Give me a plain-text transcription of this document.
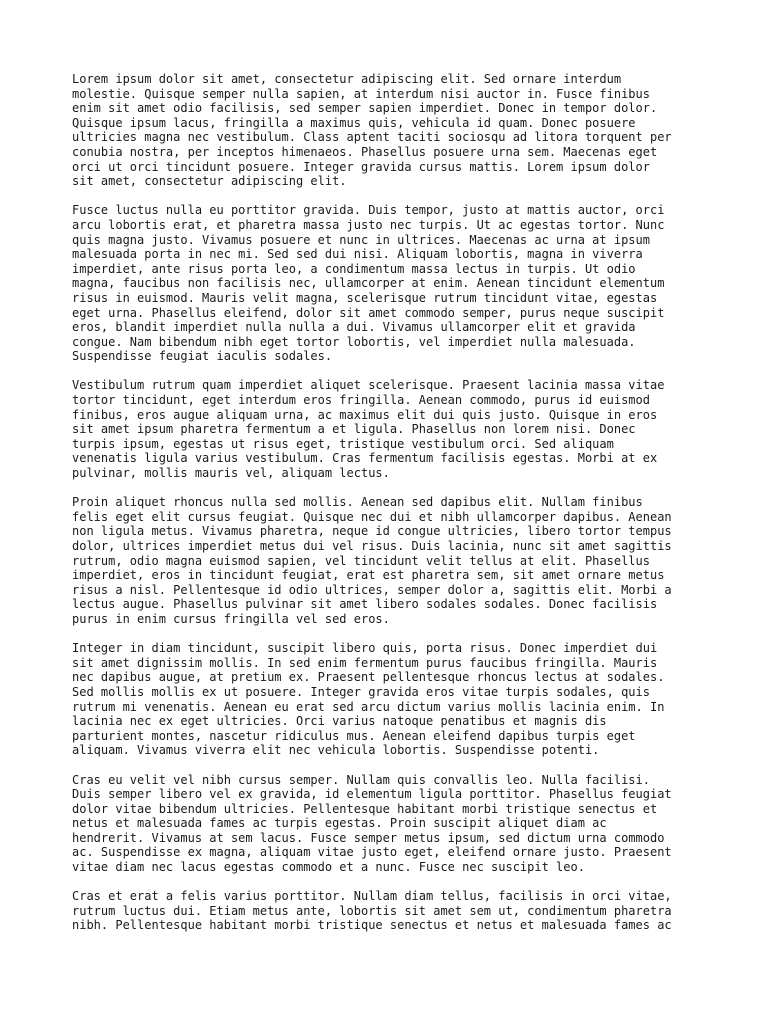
Lorem ipsum dolor sit amet, consectetur adipiscing elit. Sed ornare interdum
molestie. Quisque semper nulla sapien, at interdum nisi auctor in. Fusce finibus
enim sit amet odio facilisis, sed semper sapien imperdiet. Donec in tempor dolor.
Quisque ipsum lacus, fringilla a maximus quis, vehicula id quam. Donec posuere
ultricies magna nec vestibulum. Class aptent taciti sociosqu ad litora torquent per
conubia nostra, per inceptos himenaeos. Phasellus posuere urna sem. Maecenas eget
orci ut orci tincidunt posuere. Integer gravida cursus mattis. Lorem ipsum dolor
sit amet, consectetur adipiscing elit.

Fusce luctus nulla eu porttitor gravida. Duis tempor, justo at mattis auctor, orci
arcu lobortis erat, et pharetra massa justo nec turpis. Ut ac egestas tortor. Nunc
quis magna justo. Vivamus posuere et nunc in ultrices. Maecenas ac urna at ipsum
malesuada porta in nec mi. Sed sed dui nisi. Aliquam lobortis, magna in viverra
imperdiet, ante risus porta leo, a condimentum massa lectus in turpis. Ut odio
magna, faucibus non facilisis nec, ullamcorper at enim. Aenean tincidunt elementum
risus in euismod. Mauris velit magna, scelerisque rutrum tincidunt vitae, egestas
eget urna. Phasellus eleifend, dolor sit amet commodo semper, purus neque suscipit
eros, blandit imperdiet nulla nulla a dui. Vivamus ullamcorper elit et gravida
congue. Nam bibendum nibh eget tortor lobortis, vel imperdiet nulla malesuada.
Suspendisse feugiat iaculis sodales.

Vestibulum rutrum quam imperdiet aliquet scelerisque. Praesent lacinia massa vitae
tortor tincidunt, eget interdum eros fringilla. Aenean commodo, purus id euismod
finibus, eros augue aliquam urna, ac maximus elit dui quis justo. Quisque in eros
sit amet ipsum pharetra fermentum a et ligula. Phasellus non lorem nisi. Donec
turpis ipsum, egestas ut risus eget, tristique vestibulum orci. Sed aliquam
venenatis ligula varius vestibulum. Cras fermentum facilisis egestas. Morbi at ex
pulvinar, mollis mauris vel, aliquam lectus.

Proin aliquet rhoncus nulla sed mollis. Aenean sed dapibus elit. Nullam finibus
felis eget elit cursus feugiat. Quisque nec dui et nibh ullamcorper dapibus. Aenean
non ligula metus. Vivamus pharetra, neque id congue ultricies, libero tortor tempus
dolor, ultrices imperdiet metus dui vel risus. Duis lacinia, nunc sit amet sagittis
rutrum, odio magna euismod sapien, vel tincidunt velit tellus at elit. Phasellus
imperdiet, eros in tincidunt feugiat, erat est pharetra sem, sit amet ornare metus
risus a nisl. Pellentesque id odio ultrices, semper dolor a, sagittis elit. Morbi a
lectus augue. Phasellus pulvinar sit amet libero sodales sodales. Donec facilisis
purus in enim cursus fringilla vel sed eros.

Integer in diam tincidunt, suscipit libero quis, porta risus. Donec imperdiet dui
sit amet dignissim mollis. In sed enim fermentum purus faucibus fringilla. Mauris
nec dapibus augue, at pretium ex. Praesent pellentesque rhoncus lectus at sodales.
Sed mollis mollis ex ut posuere. Integer gravida eros vitae turpis sodales, quis
rutrum mi venenatis. Aenean eu erat sed arcu dictum varius mollis lacinia enim. In
lacinia nec ex eget ultricies. Orci varius natoque penatibus et magnis dis
parturient montes, nascetur ridiculus mus. Aenean eleifend dapibus turpis eget
aliquam. Vivamus viverra elit nec vehicula lobortis. Suspendisse potenti.

Cras eu velit vel nibh cursus semper. Nullam quis convallis leo. Nulla facilisi.
Duis semper libero vel ex gravida, id elementum ligula porttitor. Phasellus feugiat
dolor vitae bibendum ultricies. Pellentesque habitant morbi tristique senectus et
netus et malesuada fames ac turpis egestas. Proin suscipit aliquet diam ac
hendrerit. Vivamus at sem lacus. Fusce semper metus ipsum, sed dictum urna commodo
ac. Suspendisse ex magna, aliquam vitae justo eget, eleifend ornare justo. Praesent
vitae diam nec lacus egestas commodo et a nunc. Fusce nec suscipit leo.

Cras et erat a felis varius porttitor. Nullam diam tellus, facilisis in orci vitae,
rutrum luctus dui. Etiam metus ante, lobortis sit amet sem ut, condimentum pharetra
nibh. Pellentesque habitant morbi tristique senectus et netus et malesuada fames ac
